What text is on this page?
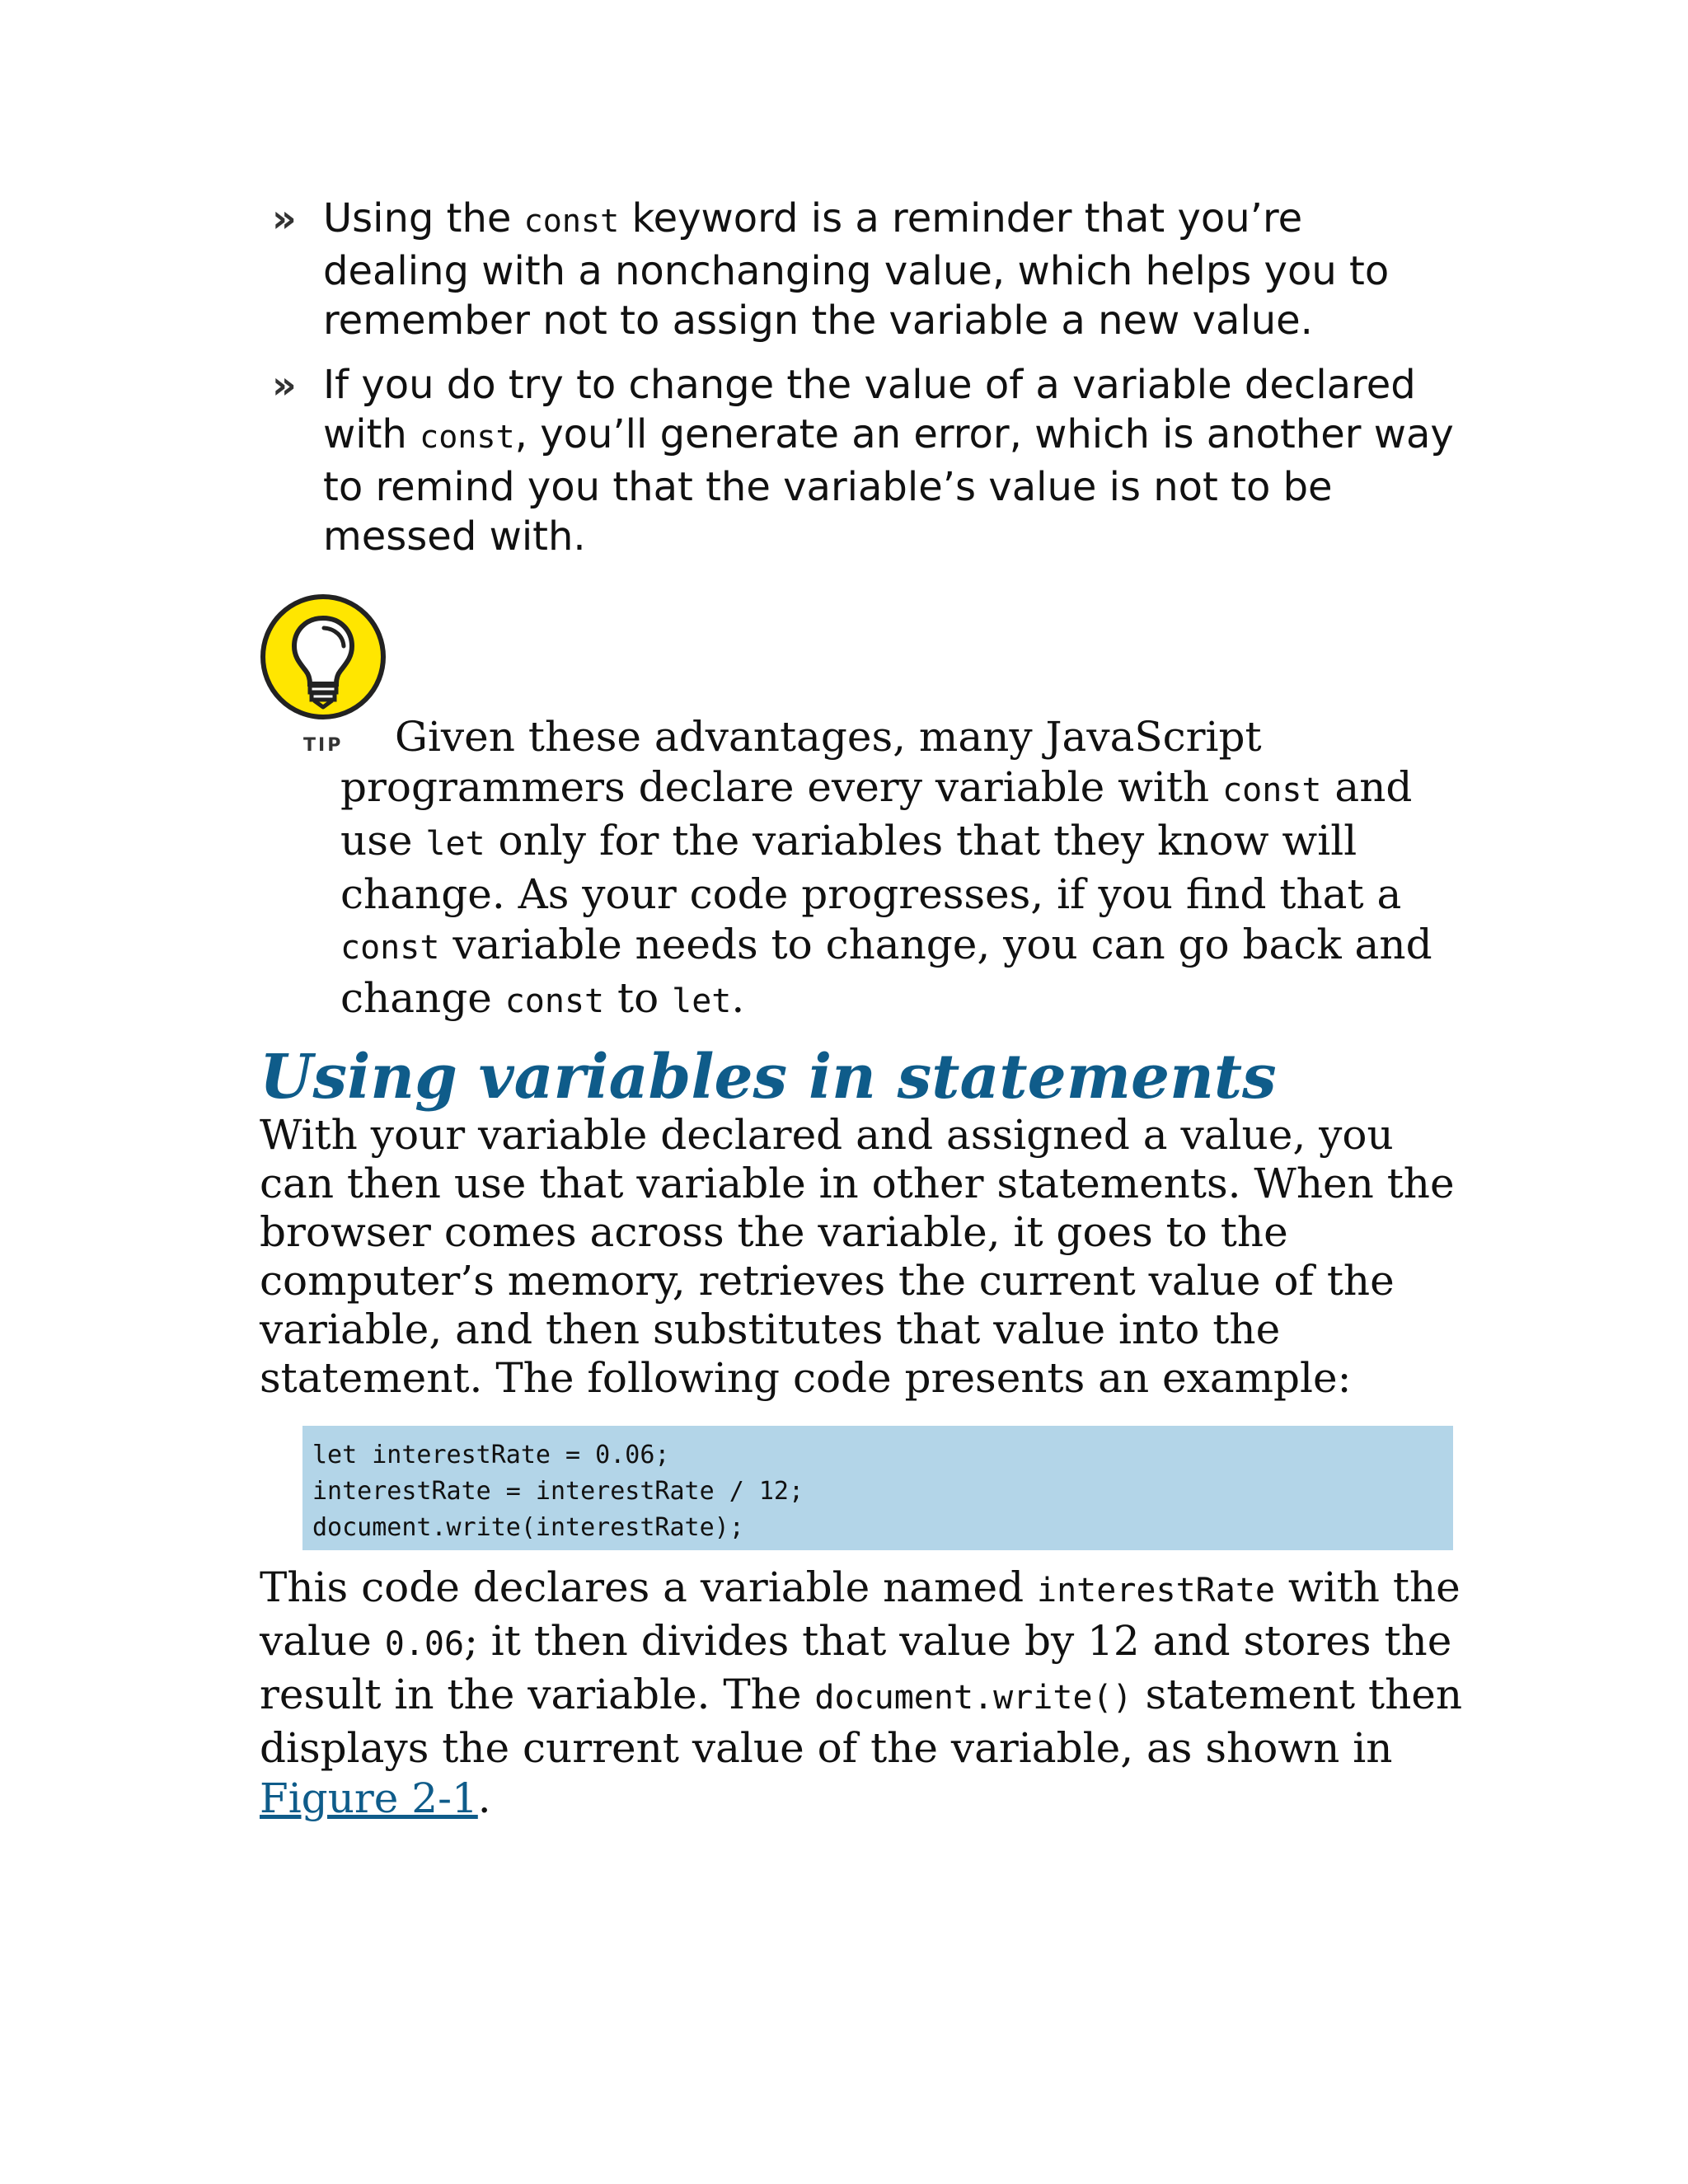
» Using the const keyword is a reminder that you’re dealing with a nonchanging value, which helps you to remember not to assign the variable a new value.
» If you do try to change the value of a variable declared with const, you’ll generate an error, which is another way to remind you that the variable’s value is not to be messed with.
TIP	Given these advantages, many JavaScript programmers declare every variable with const and use let only for the variables that they know will change. As your code progresses, if you find that a const variable needs to change, you can go back and change const to let.

Using variables in statements

With your variable declared and assigned a value, you can then use that variable in other statements. When the browser comes across the variable, it goes to the computer’s memory, retrieves the current value of the variable, and then substitutes that value into the statement. The following code presents an example:

let interestRate = 0.06;
interestRate = interestRate / 12;
document.write(interestRate);

This code declares a variable named interestRate with the value 0.06; it then divides that value by 12 and stores the result in the variable. The document.write() statement then displays the current value of the variable, as shown in Figure 2-1.
